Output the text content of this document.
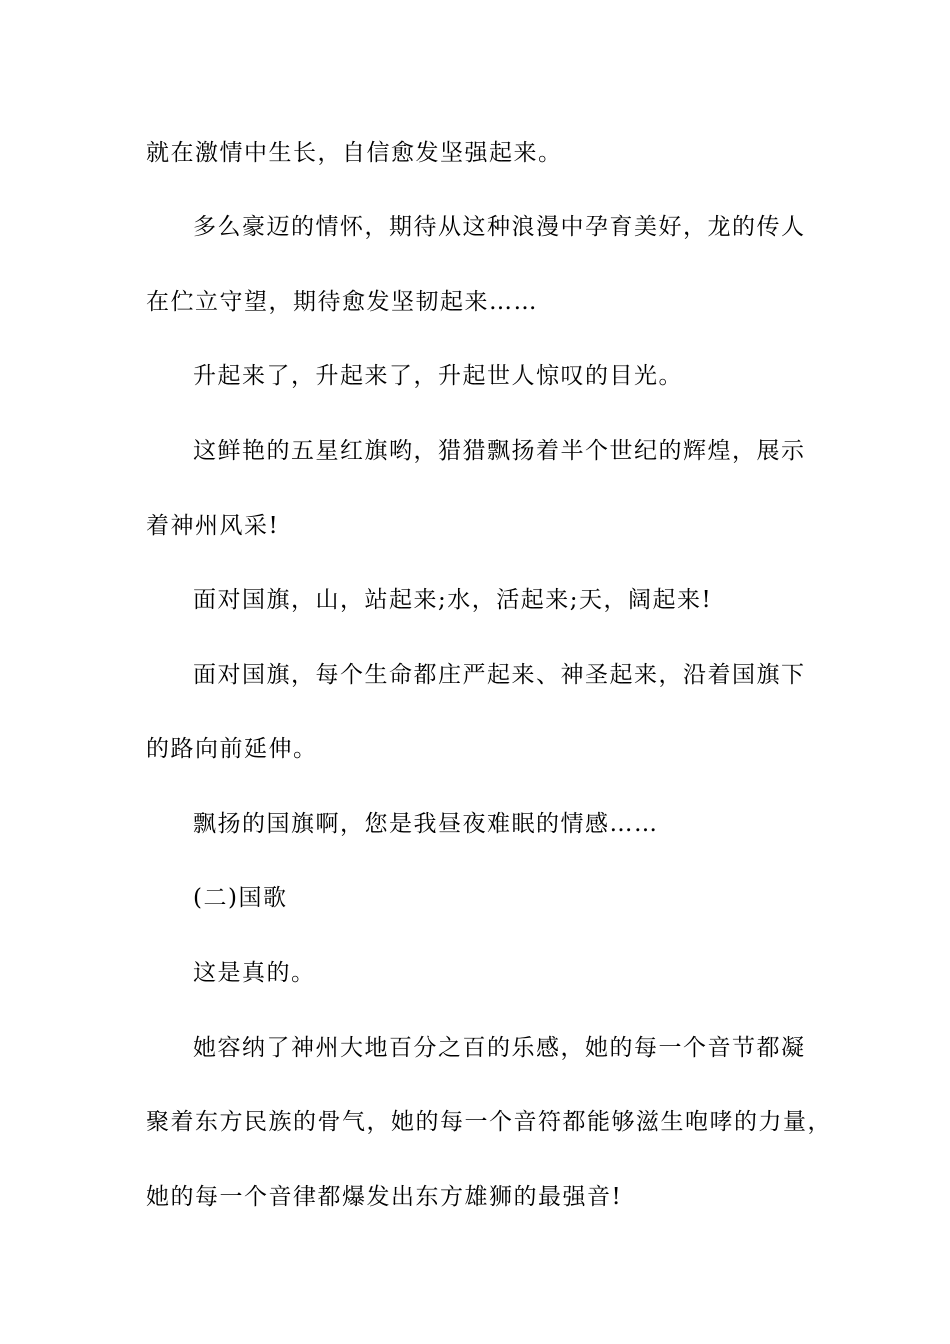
就在激情中生长，自信愈发坚强起来。

多么豪迈的情怀，期待从这种浪漫中孕育美好，龙的传人

在伫立守望，期待愈发坚韧起来……

升起来了，升起来了，升起世人惊叹的目光。

这鲜艳的五星红旗哟，猎猎飘扬着半个世纪的辉煌，展示

着神州风采!

面对国旗，山，站起来;水，活起来;天，阔起来!

面对国旗，每个生命都庄严起来、神圣起来，沿着国旗下

的路向前延伸。

飘扬的国旗啊，您是我昼夜难眠的情感……

(二)国歌

这是真的。

她容纳了神州大地百分之百的乐感，她的每一个音节都凝

聚着东方民族的骨气，她的每一个音符都能够滋生咆哮的力量，

她的每一个音律都爆发出东方雄狮的最强音!
